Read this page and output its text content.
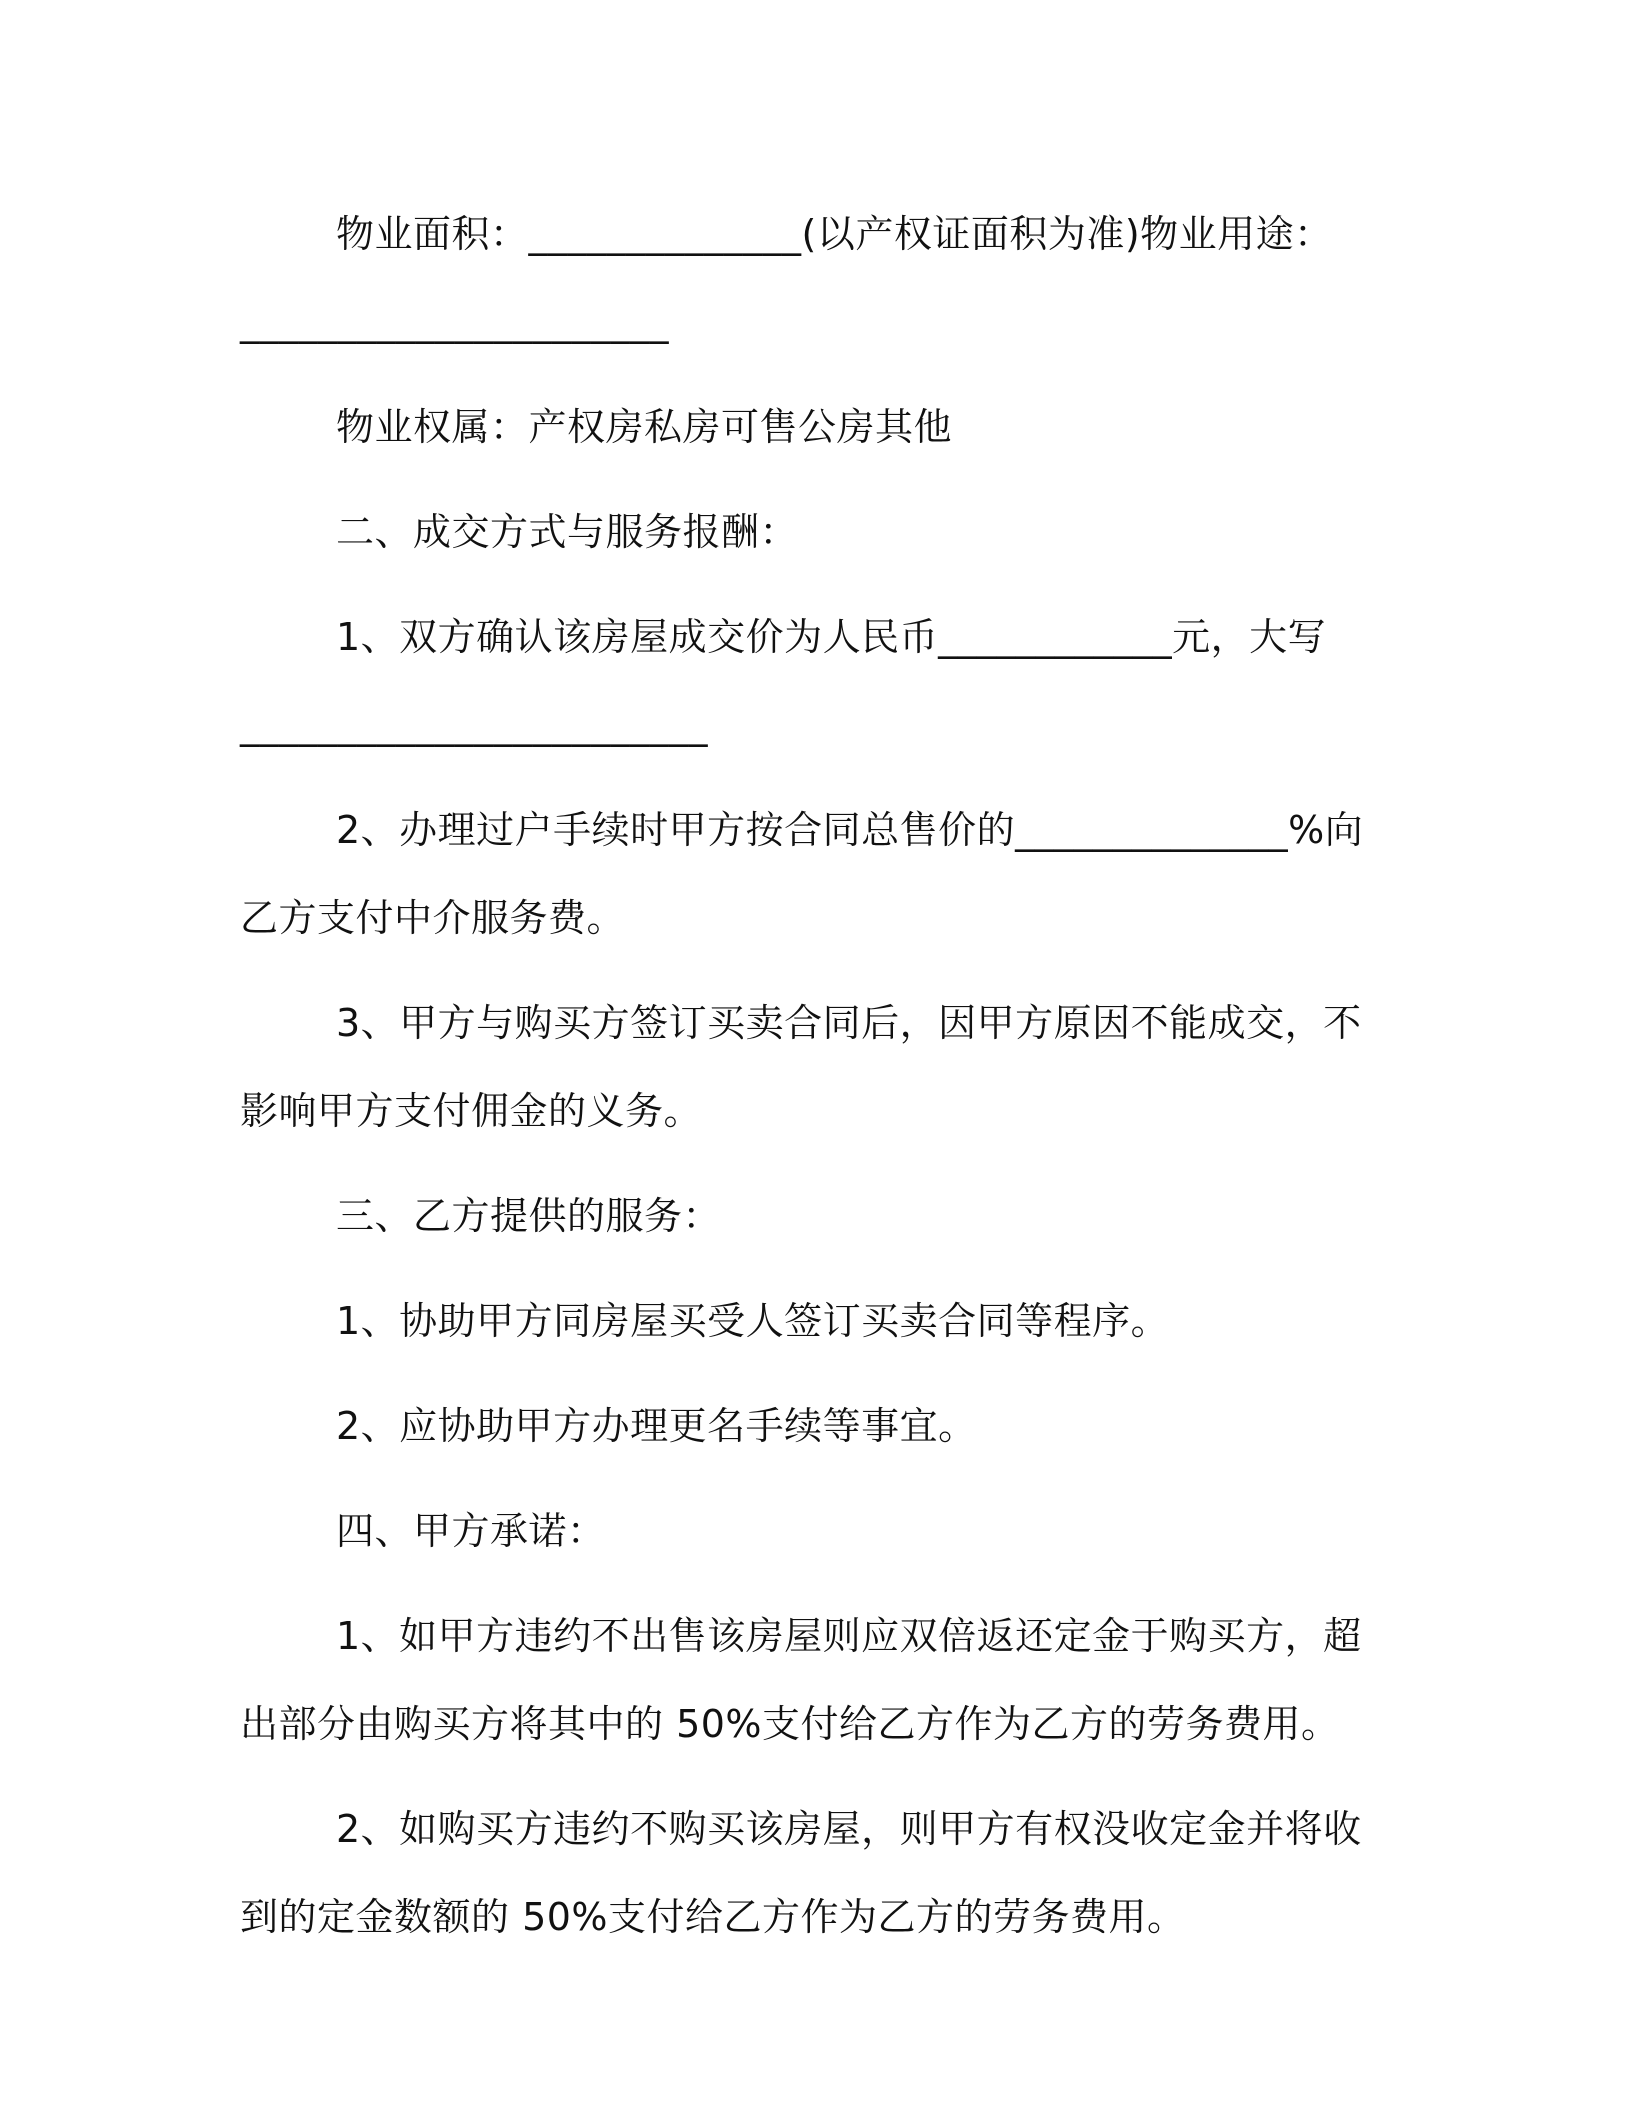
物业面积：______________(以产权证面积为准)物业用途：

______________________

物业权属：产权房私房可售公房其他

二、成交方式与服务报酬：

1、双方确认该房屋成交价为人民币____________元，大写

________________________

2、办理过户手续时甲方按合同总售价的______________%向乙方支付中介服务费。

3、甲方与购买方签订买卖合同后，因甲方原因不能成交，不影响甲方支付佣金的义务。

三、乙方提供的服务：

1、协助甲方同房屋买受人签订买卖合同等程序。

2、应协助甲方办理更名手续等事宜。

四、甲方承诺：

1、如甲方违约不出售该房屋则应双倍返还定金于购买方，超出部分由购买方将其中的 50%支付给乙方作为乙方的劳务费用。

2、如购买方违约不购买该房屋，则甲方有权没收定金并将收到的定金数额的 50%支付给乙方作为乙方的劳务费用。
